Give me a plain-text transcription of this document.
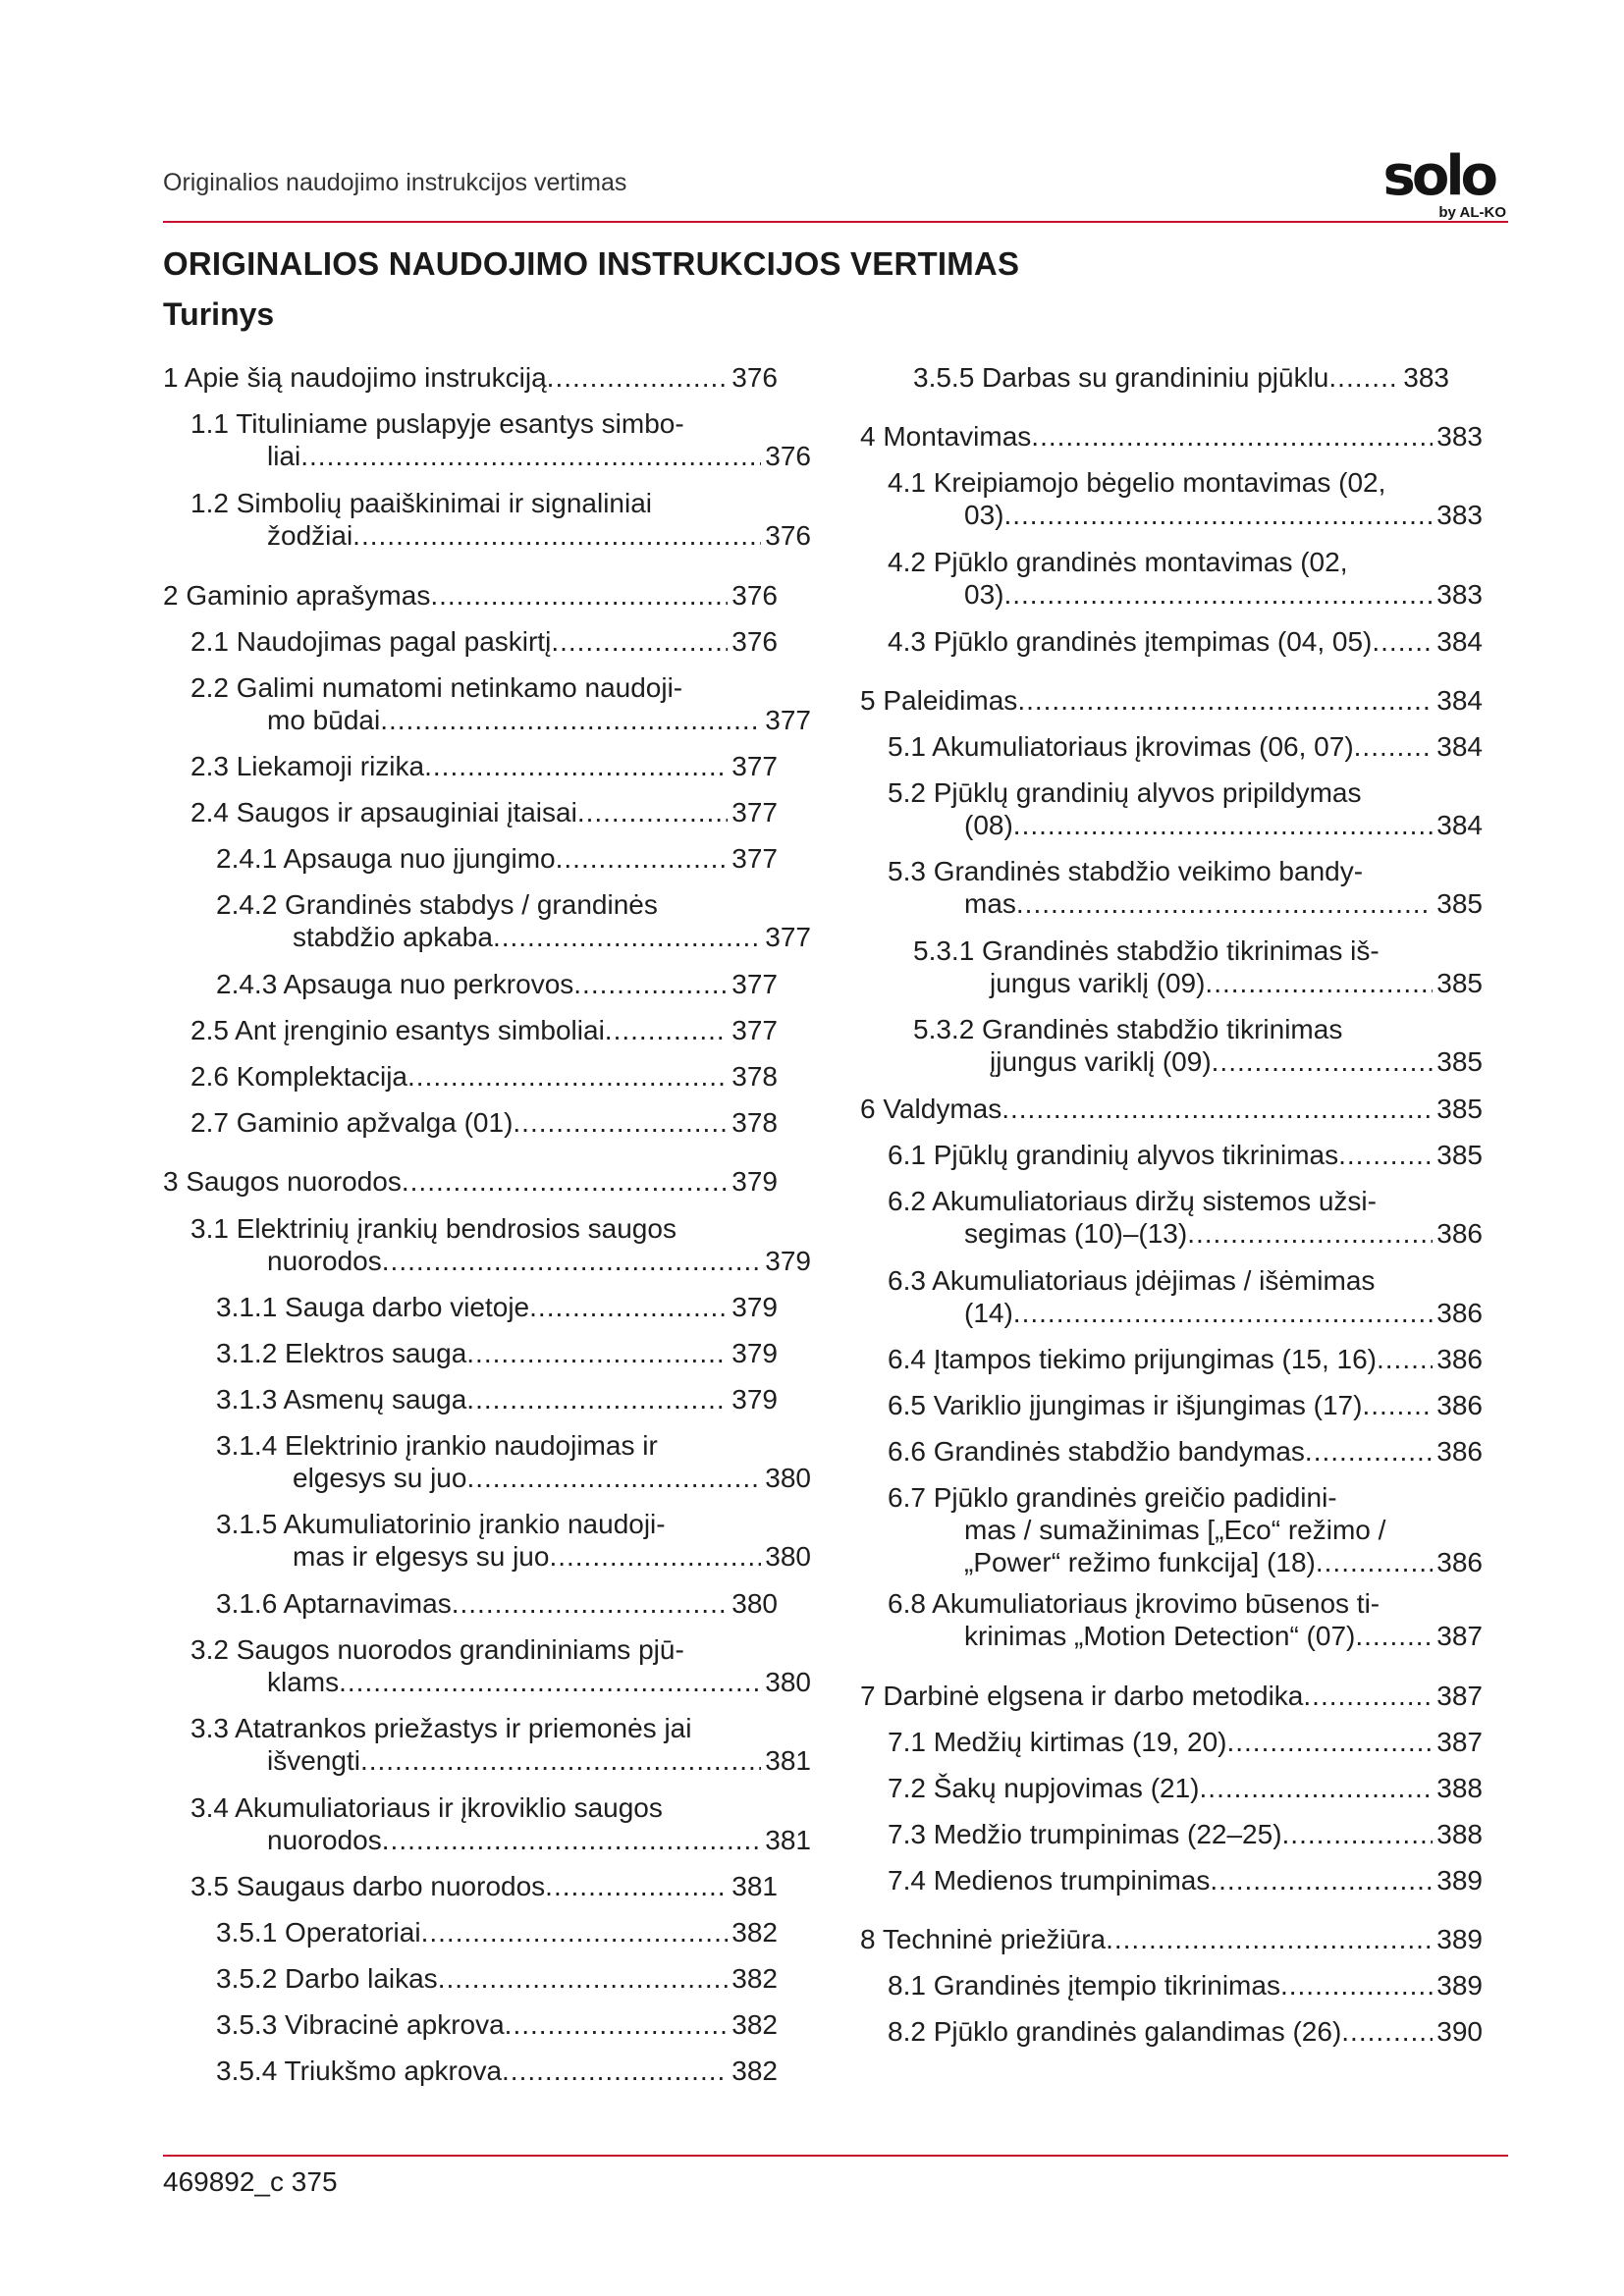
Originalios naudojimo instrukcijos vertimas	solo
by AL-KO
ORIGINALIOS NAUDOJIMO INSTRUKCIJOS VERTIMAS
Turinys
1 Apie šią naudojimo instrukciją .....	376
1.1 Tituliniame puslapyje esantys simbo-
liai .....	376
1.2 Simbolių paaiškinimai ir signaliniai
žodžiai .....	376
2 Gaminio aprašymas .....	376
2.1 Naudojimas pagal paskirtį .....	376
2.2 Galimi numatomi netinkamo naudoji-
mo būdai .....	377
2.3 Liekamoji rizika .....	377
2.4 Saugos ir apsauginiai įtaisai .....	377
2.4.1 Apsauga nuo įjungimo .....	377
2.4.2 Grandinės stabdys / grandinės
stabdžio apkaba .....	377
2.4.3 Apsauga nuo perkrovos .....	377
2.5 Ant įrenginio esantys simboliai .....	377
2.6 Komplektacija .....	378
2.7 Gaminio apžvalga (01) .....	378
3 Saugos nuorodos .....	379
3.1 Elektrinių įrankių bendrosios saugos
nuorodos .....	379
3.1.1 Sauga darbo vietoje .....	379
3.1.2 Elektros sauga .....	379
3.1.3 Asmenų sauga .....	379
3.1.4 Elektrinio įrankio naudojimas ir
elgesys su juo .....	380
3.1.5 Akumuliatorinio įrankio naudoji-
mas ir elgesys su juo .....	380
3.1.6 Aptarnavimas .....	380
3.2 Saugos nuorodos grandininiams pjū-
klams .....	380
3.3 Atatrankos priežastys ir priemonės jai
išvengti .....	381
3.4 Akumuliatoriaus ir įkroviklio saugos
nuorodos .....	381
3.5 Saugaus darbo nuorodos .....	381
3.5.1 Operatoriai .....	382
3.5.2 Darbo laikas .....	382
3.5.3 Vibracinė apkrova .....	382
3.5.4 Triukšmo apkrova .....	382
3.5.5 Darbas su grandininiu pjūklu .....	383
4 Montavimas .....	383
4.1 Kreipiamojo bėgelio montavimas (02,
03) .....	383
4.2 Pjūklo grandinės montavimas (02,
03) .....	383
4.3 Pjūklo grandinės įtempimas (04, 05) ..... 384
5 Paleidimas .....	384
5.1 Akumuliatoriaus įkrovimas (06, 07) .....	384
5.2 Pjūklų grandinių alyvos pripildymas
(08) .....	384
5.3 Grandinės stabdžio veikimo bandy-
mas .....	385
5.3.1 Grandinės stabdžio tikrinimas iš-
jungus variklį (09) .....	385
5.3.2 Grandinės stabdžio tikrinimas
įjungus variklį (09) .....	385
6 Valdymas .....	385
6.1 Pjūklų grandinių alyvos tikrinimas .....	385
6.2 Akumuliatoriaus diržų sistemos užsi-
segimas (10)–(13) .....	386
6.3 Akumuliatoriaus įdėjimas / išėmimas
(14) .....	386
6.4 Įtampos tiekimo prijungimas (15, 16) ..... 386
6.5 Variklio įjungimas ir išjungimas (17) .....	386
6.6 Grandinės stabdžio bandymas .....	386
6.7 Pjūklo grandinės greičio padidini-
mas / sumažinimas [„Eco“ režimo /
„Power“ režimo funkcija] (18) .....	386
6.8 Akumuliatoriaus įkrovimo būsenos ti-
krinimas „Motion Detection“ (07) .....	387
7 Darbinė elgsena ir darbo metodika .....	387
7.1 Medžių kirtimas (19, 20) .....	387
7.2 Šakų nupjovimas (21) .....	388
7.3 Medžio trumpinimas (22–25) .....	388
7.4 Medienos trumpinimas .....	389
8 Techninė priežiūra .....	389
8.1 Grandinės įtempio tikrinimas .....	389
8.2 Pjūklo grandinės galandimas (26) .....	390
469892_c 375
